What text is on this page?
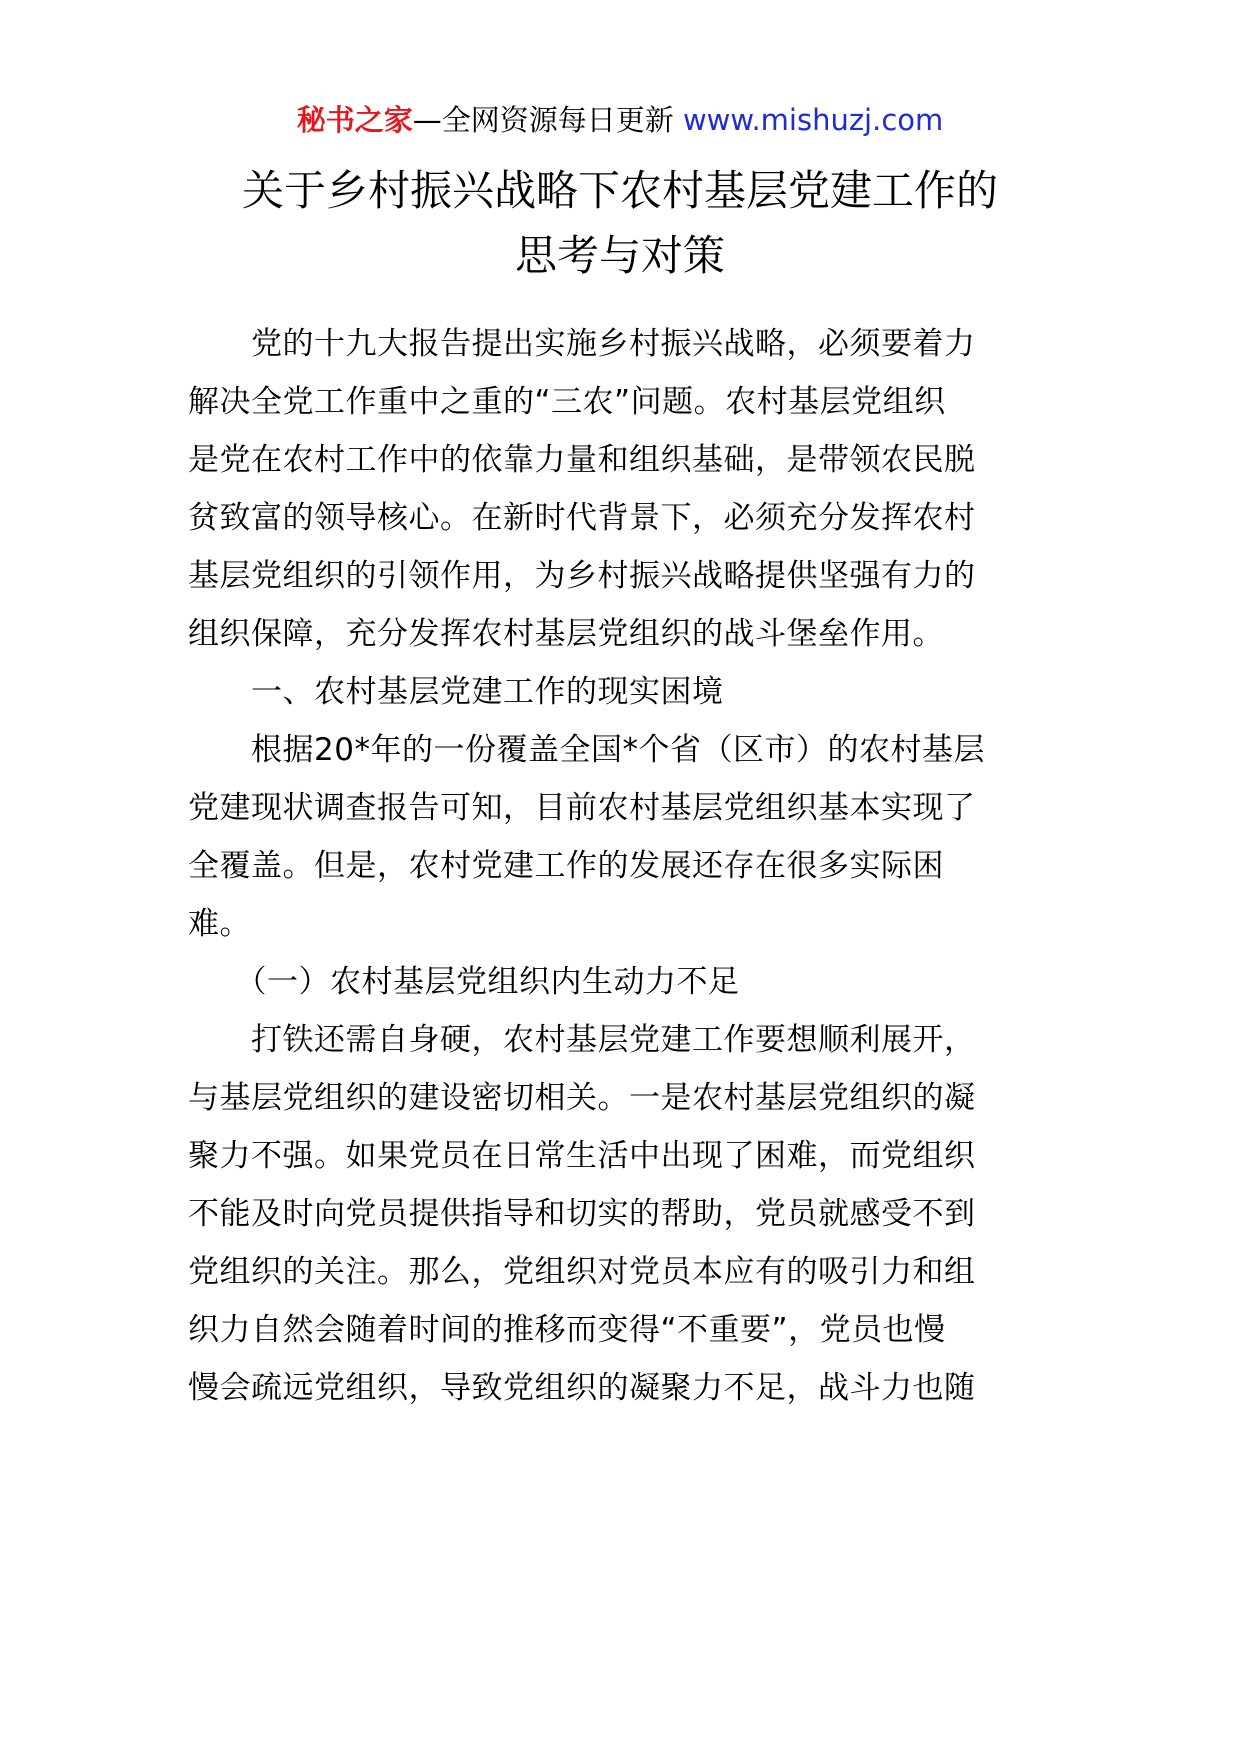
秘书之家—全网资源每日更新 www.mishuzj.com
关于乡村振兴战略下农村基层党建工作的
思考与对策
　　党的十九大报告提出实施乡村振兴战略，必须要着力
解决全党工作重中之重的“三农”问题。农村基层党组织
是党在农村工作中的依靠力量和组织基础，是带领农民脱
贫致富的领导核心。在新时代背景下，必须充分发挥农村
基层党组织的引领作用，为乡村振兴战略提供坚强有力的
组织保障，充分发挥农村基层党组织的战斗堡垒作用。
　　一、农村基层党建工作的现实困境
　　根据20*年的一份覆盖全国*个省（区市）的农村基层
党建现状调查报告可知，目前农村基层党组织基本实现了
全覆盖。但是，农村党建工作的发展还存在很多实际困
难。
　　（一）农村基层党组织内生动力不足
　　打铁还需自身硬，农村基层党建工作要想顺利展开，
与基层党组织的建设密切相关。一是农村基层党组织的凝
聚力不强。如果党员在日常生活中出现了困难，而党组织
不能及时向党员提供指导和切实的帮助，党员就感受不到
党组织的关注。那么，党组织对党员本应有的吸引力和组
织力自然会随着时间的推移而变得“不重要”，党员也慢
慢会疏远党组织，导致党组织的凝聚力不足，战斗力也随
